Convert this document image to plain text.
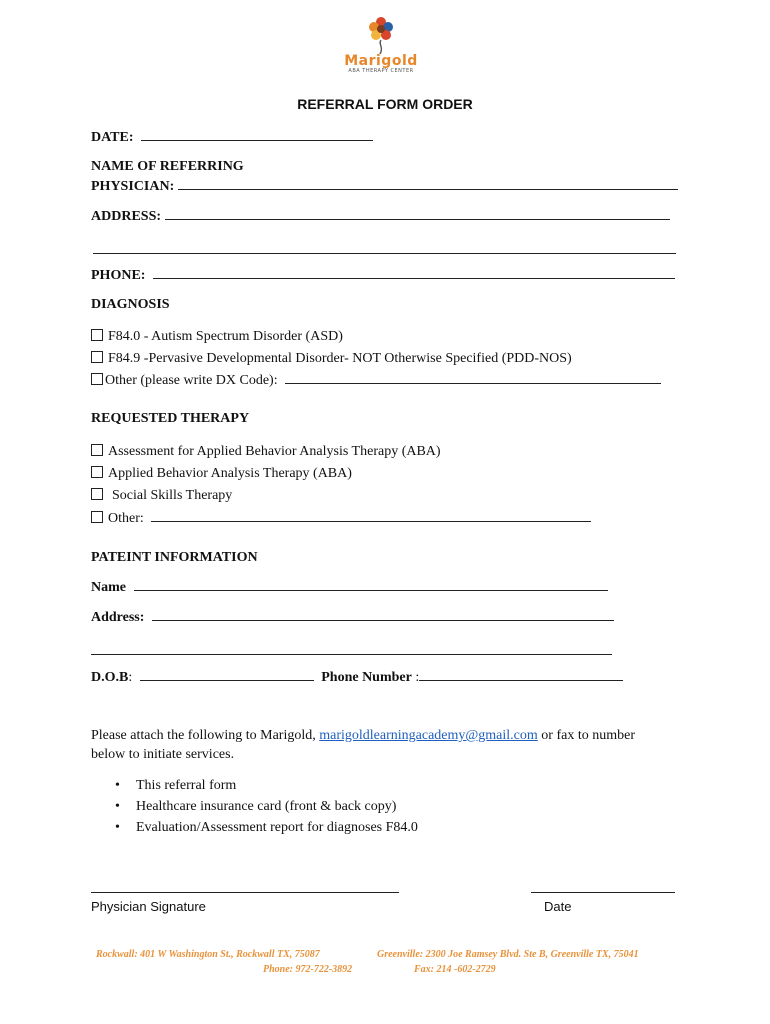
Marigold
ABA THERAPY CENTER
REFERRAL FORM ORDER
DATE:
NAME OF REFERRING
PHYSICIAN:
ADDRESS:
PHONE:
DIAGNOSIS
F84.0 - Autism Spectrum Disorder (ASD)
F84.9 -Pervasive Developmental Disorder- NOT Otherwise Specified (PDD-NOS)
Other (please write DX Code):
REQUESTED THERAPY
Assessment for Applied Behavior Analysis Therapy (ABA)
Applied Behavior Analysis Therapy (ABA)
Social Skills Therapy
Other:
PATEINT INFORMATION
Name
Address:
D.O.B:	Phone Number :
Please attach the following to Marigold, marigoldlearningacademy@gmail.com or fax to number
below to initiate services.
• This referral form
• Healthcare insurance card (front & back copy)
• Evaluation/Assessment report for diagnoses F84.0
Physician Signature	Date
Rockwall: 401 W Washington St., Rockwall TX, 75087
Phone: 972-722-3892
Greenville: 2300 Joe Ramsey Blvd. Ste B, Greenville TX, 75041
Fax: 214 -602-2729
